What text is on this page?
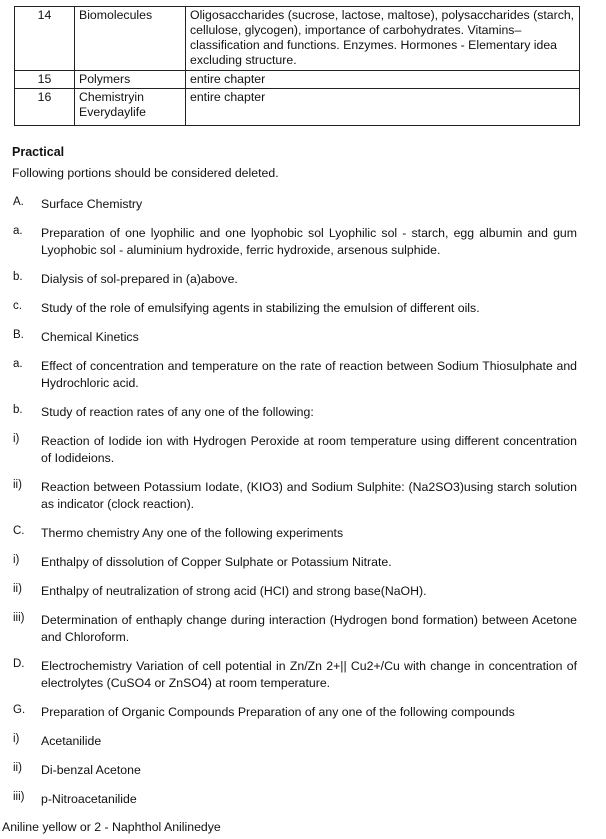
14	Biomolecules	Oligosaccharides (sucrose, lactose, maltose), polysaccharides (starch, cellulose, glycogen), importance of carbohydrates. Vitamins– classification and functions. Enzymes. Hormones - Elementary idea excluding structure.
15	Polymers	entire chapter
16	Chemistryin Everydaylife	entire chapter
Practical
Following portions should be considered deleted.
A. Surface Chemistry
a. Preparation of one lyophilic and one lyophobic sol Lyophilic sol - starch, egg albumin and gum Lyophobic sol - aluminium hydroxide, ferric hydroxide, arsenous sulphide.
b. Dialysis of sol-prepared in (a)above.
c. Study of the role of emulsifying agents in stabilizing the emulsion of different oils.
B. Chemical Kinetics
a. Effect of concentration and temperature on the rate of reaction between Sodium Thiosulphate and Hydrochloric acid.
b. Study of reaction rates of any one of the following:
i) Reaction of Iodide ion with Hydrogen Peroxide at room temperature using different concentration of Iodideions.
ii) Reaction between Potassium Iodate, (KIO3) and Sodium Sulphite: (Na2SO3)using starch solution as indicator (clock reaction).
C. Thermo chemistry Any one of the following experiments
i) Enthalpy of dissolution of Copper Sulphate or Potassium Nitrate.
ii) Enthalpy of neutralization of strong acid (HCI) and strong base(NaOH).
iii) Determination of enthaply change during interaction (Hydrogen bond formation) between Acetone and Chloroform.
D. Electrochemistry Variation of cell potential in Zn/Zn 2+|| Cu2+/Cu with change in concentration of electrolytes (CuSO4 or ZnSO4) at room temperature.
G. Preparation of Organic Compounds Preparation of any one of the following compounds
i) Acetanilide
ii) Di-benzal Acetone
iii) p-Nitroacetanilide
Aniline yellow or 2 - Naphthol Anilinedye
